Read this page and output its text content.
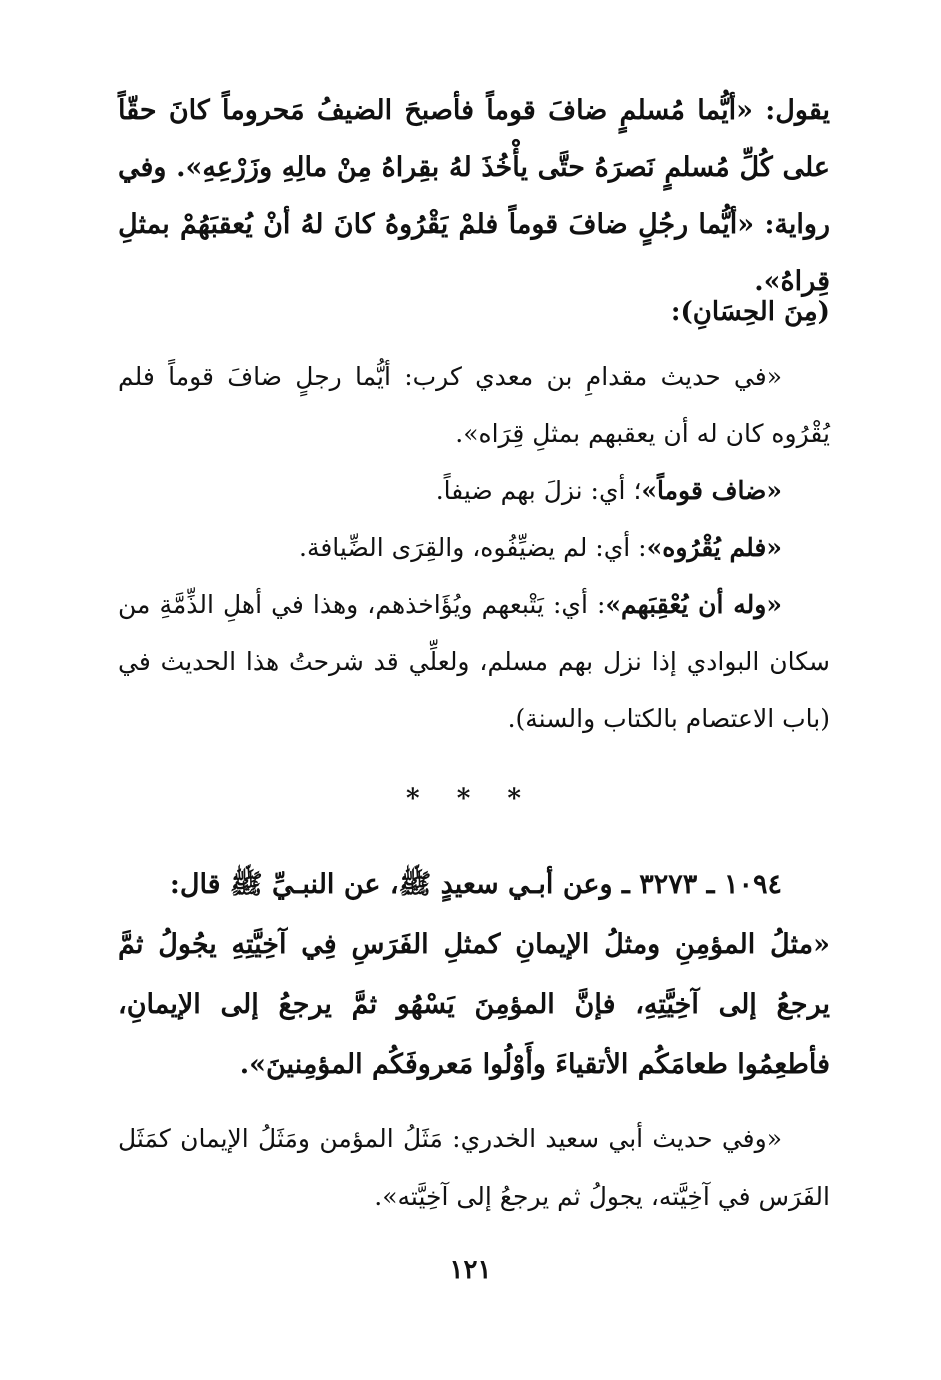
يقول: «أيُّما مُسلمٍ ضافَ قوماً فأصبحَ الضيفُ مَحروماً كانَ حقّاً على كُلِّ مُسلمٍ نَصرَهُ حتَّى يأْخُذَ لهُ بقِراهُ مِنْ مالِهِ وزَرْعِهِ». وفي رواية: «أيُّما رجُلٍ ضافَ قوماً فلمْ يَقْرُوهُ كانَ لهُ أنْ يُعقبَهُمْ بمثلِ قِراهُ».
(مِنَ الحِسَانِ):

«في حديث مقدامِ بن معدي كرب: أيُّما رجلٍ ضافَ قوماً فلم يُقْرُوه كان له أن يعقبهم بمثلِ قِرَاه».

«ضاف قوماً»؛ أي: نزلَ بهم ضيفاً.

«فلم يُقْرُوه»: أي: لم يضيِّفُوه، والقِرَى الضِّيافة.

«وله أن يُعْقِبَهم»: أي: يَتْبعهم ويُؤَاخذهم، وهذا في أهلِ الذِّمَّةِ من سكان البوادي إذا نزل بهم مسلم، ولعلِّي قد شرحتُ هذا الحديث في (باب الاعتصام بالكتاب والسنة).

* * *

١٠٩٤ ـ ٣٢٧٣ ـ وعن أبـي سعيدٍ ﷺ، عن النبـيِّ ﷺ قال:

«مثلُ المؤمِنِ ومثلُ الإيمانِ كمثلِ الفَرَسِ فِي آخِيَّتِهِ يجُولُ ثمَّ يرجعُ إلى آخِيَّتِهِ، فإنَّ المؤمِنَ يَسْهُو ثمَّ يرجعُ إلى الإيمانِ، فأطعِمُوا طعامَكُم الأتقياءَ وأَوْلُوا مَعروفَكُم المؤمِنينَ».

«وفي حديث أبي سعيد الخدري: مَثَلُ المؤمن ومَثَلُ الإيمان كمَثَل الفَرَس في آخِيَّته، يجولُ ثم يرجعُ إلى آخِيَّته».
١٢١
